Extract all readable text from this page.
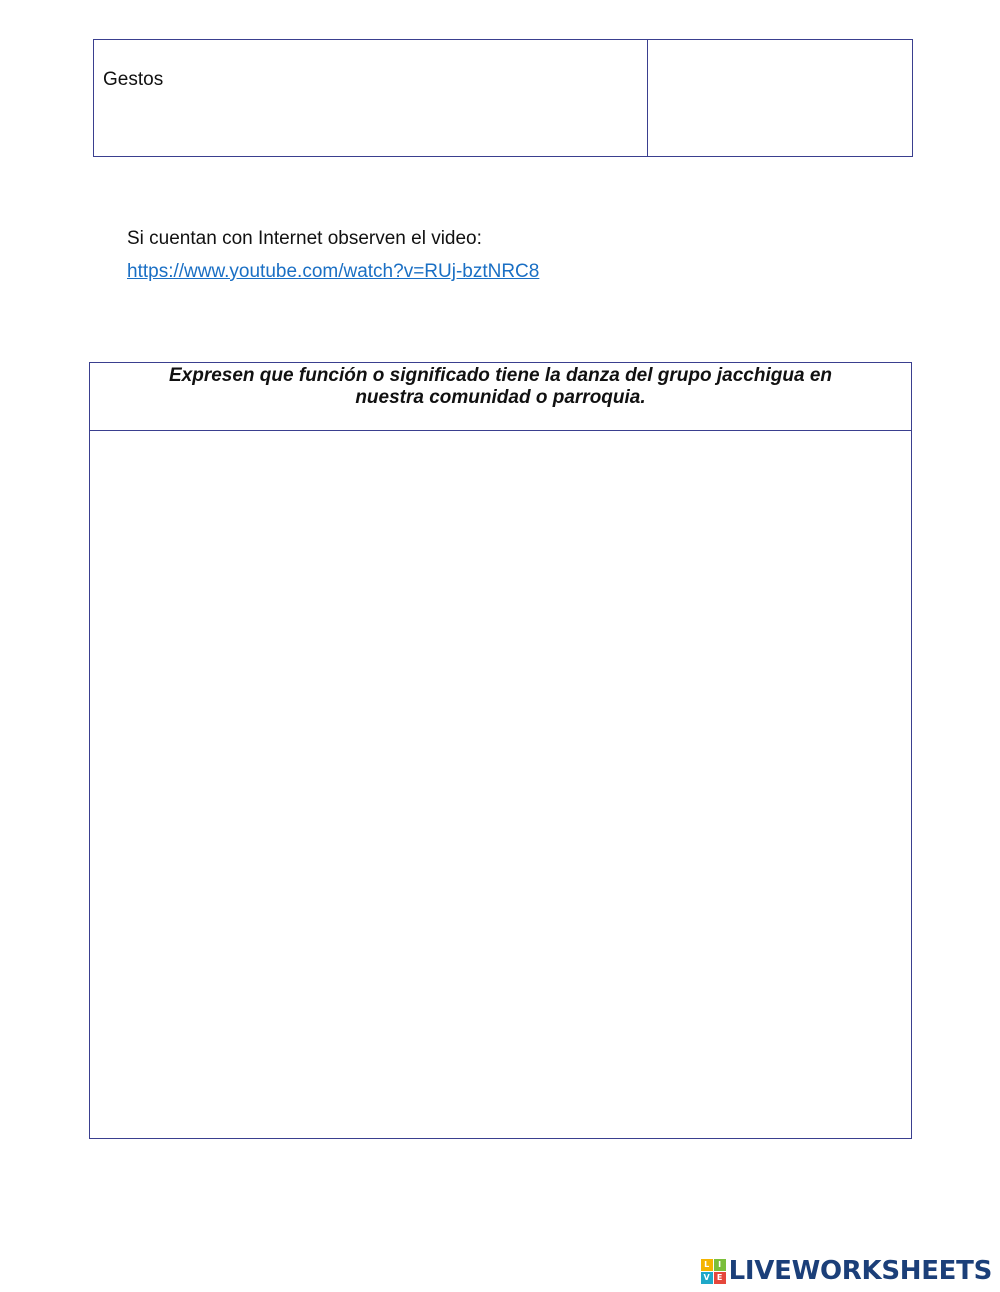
Gestos
Si cuentan con Internet observen el video:
https://www.youtube.com/watch?v=RUj-bztNRC8
Expresen que función o significado tiene la danza del grupo jacchigua en
nuestra comunidad o parroquia.
L	I
V E LIVEWORKSHEETS
